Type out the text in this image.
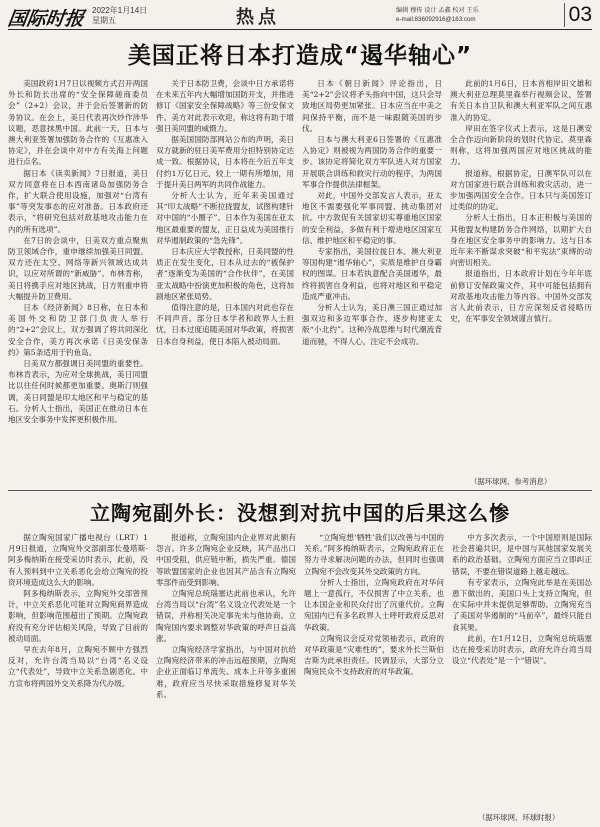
国际时报 2022年1月14日
星期五	热点	编辑 穆传 设计 孟鑫 校对 王乐
e-mail:836092916@163.com	03
美国正将日本打造成“遏华轴心”

美国政府1月7日以视频方式召开两国外长和防长出席的“安全保障磋商委员会”（2+2）会议，并于会后签署新的防务协议。在会上，美日代表再次炒作涉华议题，恶意抹黑中国。此前一天，日本与澳大利亚签署加强防务合作的《互惠准入协定》，并在会谈中对中方有关海上问题进行点名。

据日本《读卖新闻》7日报道，美日双方同意将在日本西南诸岛加强防务合作，扩大联合使用设施，加强对“台湾有事”等突发事态的应对准备。日本政府还表示，“将研究包括对敌基地攻击能力在内的所有选项”。

在7日的会谈中，日美双方重点聚焦防卫领域合作，重申继续加强美日同盟。双方还在太空、网络等新兴领域达成共识，以应对所谓的“新威胁”。布林肯称，美日将携手应对地区挑战，日方则重申将大幅提升防卫费用。

日本《经济新闻》8日称，在日本和美国外交和防卫部门负责人举行的“2+2”会议上，双方强调了将共同深化安全合作，美方再次承诺《日美安保条约》第5条适用于钓鱼岛。

日美双方都强调日美同盟的重要性。布林肯表示，为应对全球挑战，美日同盟比以往任何时候都更加重要。奥斯汀则强调，美日同盟是印太地区和平与稳定的基石。分析人士指出，美国正在推动日本在地区安全事务中发挥更积极作用。

关于日本防卫费，会谈中日方承诺将在未来五年内大幅增加国防开支，并推进修订《国家安全保障战略》等三份安保文件。美方对此表示欢迎，称这将有助于增强日美同盟的威慑力。

据美国国防部网站公布的声明，美日双方就新的驻日美军费用分担特别协定达成一致。根据协议，日本将在今后五年支付约1万亿日元，较上一期有所增加，用于提升美日两军的共同作战能力。

分析人士认为，近年来美国通过其“印太战略”不断拉拢盟友，试图构建针对中国的“小圈子”。日本作为美国在亚太地区最重要的盟友，正日益成为美国推行对华遏制政策的“急先锋”。

日本庆应大学教授称，日美同盟的性质正在发生变化，日本从过去的“被保护者”逐渐变为美国的“合作伙伴”，在美国亚太战略中扮演更加积极的角色，这将加剧地区紧张局势。

值得注意的是，日本国内对此也存在不同声音。部分日本学者和政界人士担忧，日本过度追随美国对华政策，将损害日本自身利益，使日本陷入被动局面。

日本《朝日新闻》评论指出，日美“2+2”会议将矛头指向中国，这只会导致地区局势更加紧张。日本应当在中美之间保持平衡，而不是一味跟随美国的步伐。

日本与澳大利亚6日签署的《互惠准入协定》则被视为两国防务合作的重要一步。该协定将简化双方军队进入对方国家开展联合训练和救灾行动的程序，为两国军事合作提供法律框架。

对此，中国外交部发言人表示，亚太地区不需要强化军事同盟、挑动集团对抗。中方敦促有关国家切实尊重地区国家的安全利益，多做有利于增进地区国家互信、维护地区和平稳定的事。

专家指出，美国拉拢日本、澳大利亚等国构建“遏华轴心”，实质是维护自身霸权的图谋。日本若执意配合美国遏华，最终将损害自身利益，也将对地区和平稳定造成严重冲击。

分析人士认为，美日澳三国正通过加强双边和多边军事合作，逐步构建亚太版“小北约”。这种冷战思维与时代潮流背道而驰，不得人心，注定不会成功。

此前的1月6日，日本首相岸田文雄和澳大利亚总理莫里森举行视频会议，签署有关日本自卫队和澳大利亚军队之间互惠准入的协定。

岸田在签字仪式上表示，这是日澳安全合作迈向新阶段的划时代协定。莫里森则称，这将加强两国应对地区挑战的能力。

报道称，根据协定，日澳军队可以在对方国家进行联合训练和救灾活动，进一步加强两国安全合作。日本只与美国签订过类似的协定。

分析人士指出，日本正积极与美国的其他盟友构建防务合作网络，以期扩大自身在地区安全事务中的影响力。这与日本近年来不断谋求突破“和平宪法”束缚的动向密切相关。

报道指出，日本政府计划在今年年底前修订安保政策文件，其中可能包括拥有对敌基地攻击能力等内容。中国外交部发言人此前表示，日方应深刻反省侵略历史，在军事安全领域谨言慎行。

（据环球网、参考消息）
立陶宛副外长：没想到对抗中国的后果这么惨

据立陶宛国家广播电视台（LRT）1月9日报道，立陶宛外交部副部长曼塔斯·阿多梅纳斯在接受采访时表示，此前，没有人预料到中立关系恶化会给立陶宛的投资环境造成这么大的影响。

阿多梅纳斯表示，立陶宛外交部曾预计，中立关系恶化可能对立陶宛商界造成影响，但影响范围超出了预期。立陶宛政府没有充分评估相关风险，导致了目前的被动局面。

早在去年8月，立陶宛不顾中方强烈反对，允许台湾当局以“台湾”名义设立“代表处”，导致中立关系急剧恶化。中方宣布将两国外交关系降为代办级。

报道称，立陶宛国内企业界对此颇有怨言。许多立陶宛企业反映，其产品出口中国受阻，供应链中断，损失严重。德国等欧盟国家的企业也因其产品含有立陶宛零部件而受到影响。

立陶宛总统瑙塞达此前也承认，允许台湾当局以“台湾”名义设立代表处是一个错误，并称相关决定事先未与他协商。立陶宛国内要求调整对华政策的呼声日益高涨。

立陶宛经济学家指出，与中国对抗给立陶宛经济带来的冲击远超预期，立陶宛企业正面临订单流失、成本上升等多重困难，政府应当尽快采取措施修复对华关系。

“立陶宛想‘牺牲’我们以改善与中国的关系。”阿多梅纳斯表示，立陶宛政府正在努力寻求解决问题的办法，但同时也强调立陶宛不会改变其外交政策的方向。

分析人士指出，立陶宛政府在对华问题上一意孤行，不仅损害了中立关系，也让本国企业和民众付出了沉重代价。立陶宛国内已有多名政界人士呼吁政府反思对华政策。

立陶宛议会反对党领袖表示，政府的对华政策是“灾难性的”，要求外长兰斯伯吉斯为此承担责任。民调显示，大部分立陶宛民众不支持政府的对华政策。

中方多次表示，一个中国原则是国际社会普遍共识，是中国与其他国家发展关系的政治基础。立陶宛方面应当立即纠正错误，不要在错误道路上越走越远。

有专家表示，立陶宛此举是在美国怂恿下做出的，美国口头上支持立陶宛，但在实际中并未提供足够帮助。立陶宛充当了美国对华遏制的“马前卒”，最终只能自食其果。

此前，在1月12日，立陶宛总统瑙塞达在接受采访时表示，政府允许台湾当局设立“代表处”是一个“错误”。

（据环球网、环球时报）
